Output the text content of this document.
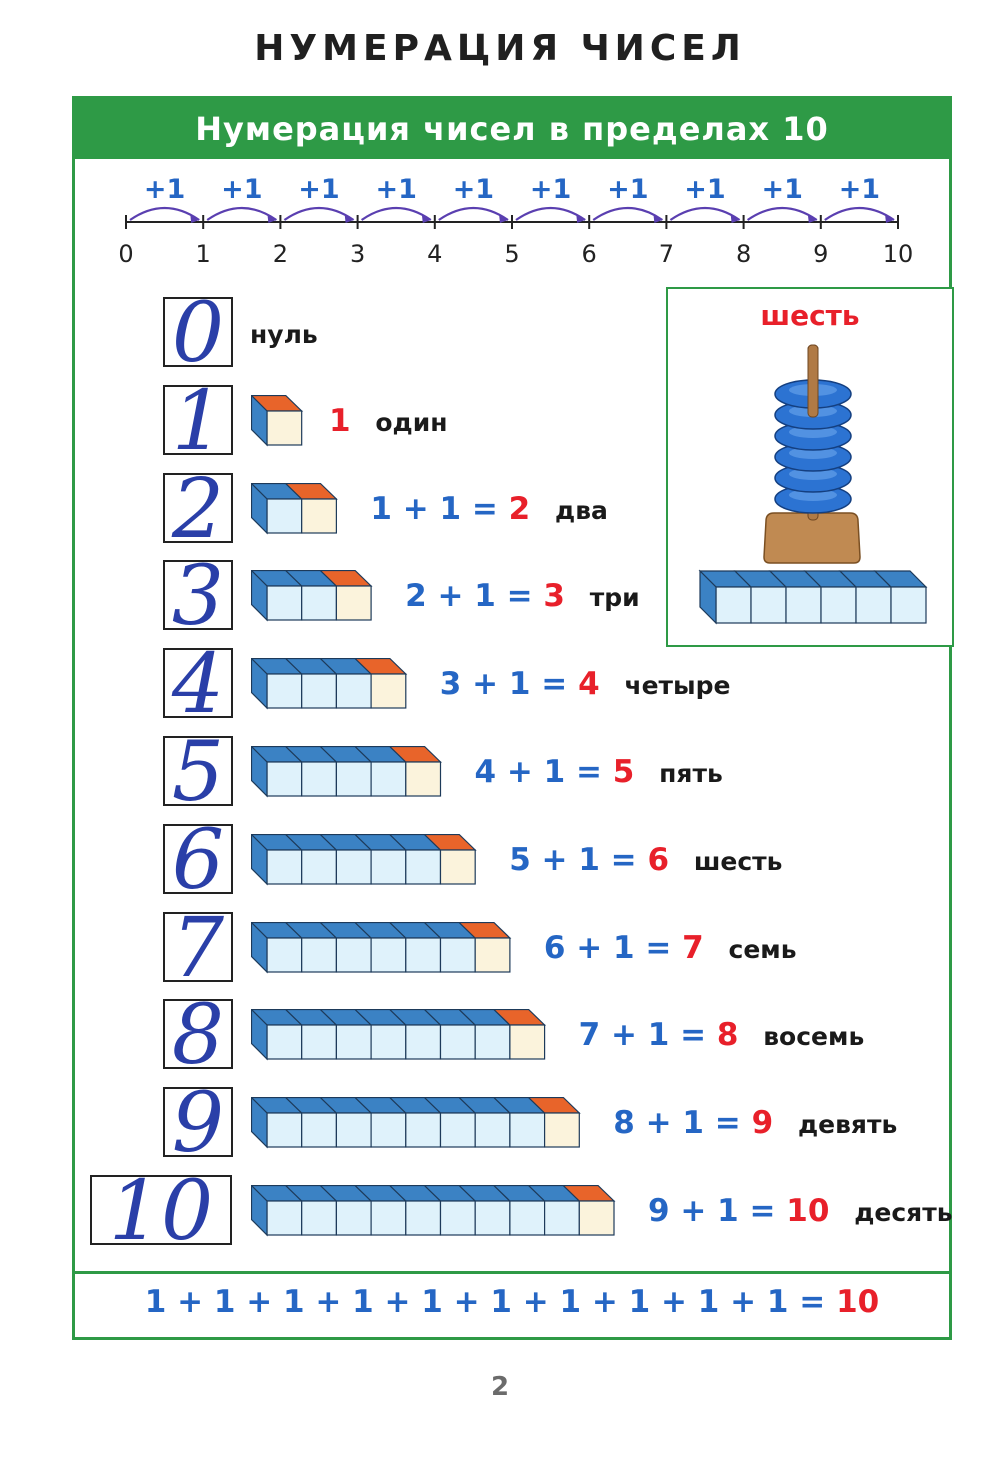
НУМЕРАЦИЯ ЧИСЕЛ
Нумерация чисел в пределах 10
0
+1
1
+1
2
+1
3
+1
4
+1
5
+1
6
+1
7
+1
8
+1
9
+1
10
0 нуль
1	1 один
2	1 + 1 = 2 два
3	2 + 1 = 3 три
4	3 + 1 = 4 четыре
5	4 + 1 = 5 пять
6	5 + 1 = 6 шесть
7	6 + 1 = 7 семь
8	7 + 1 = 8 восемь
9	8 + 1 = 9 девять
10	9 + 1 = 10 десять
шесть
1 + 1 + 1 + 1 + 1 + 1 + 1 + 1 + 1 + 1 = 10
2
